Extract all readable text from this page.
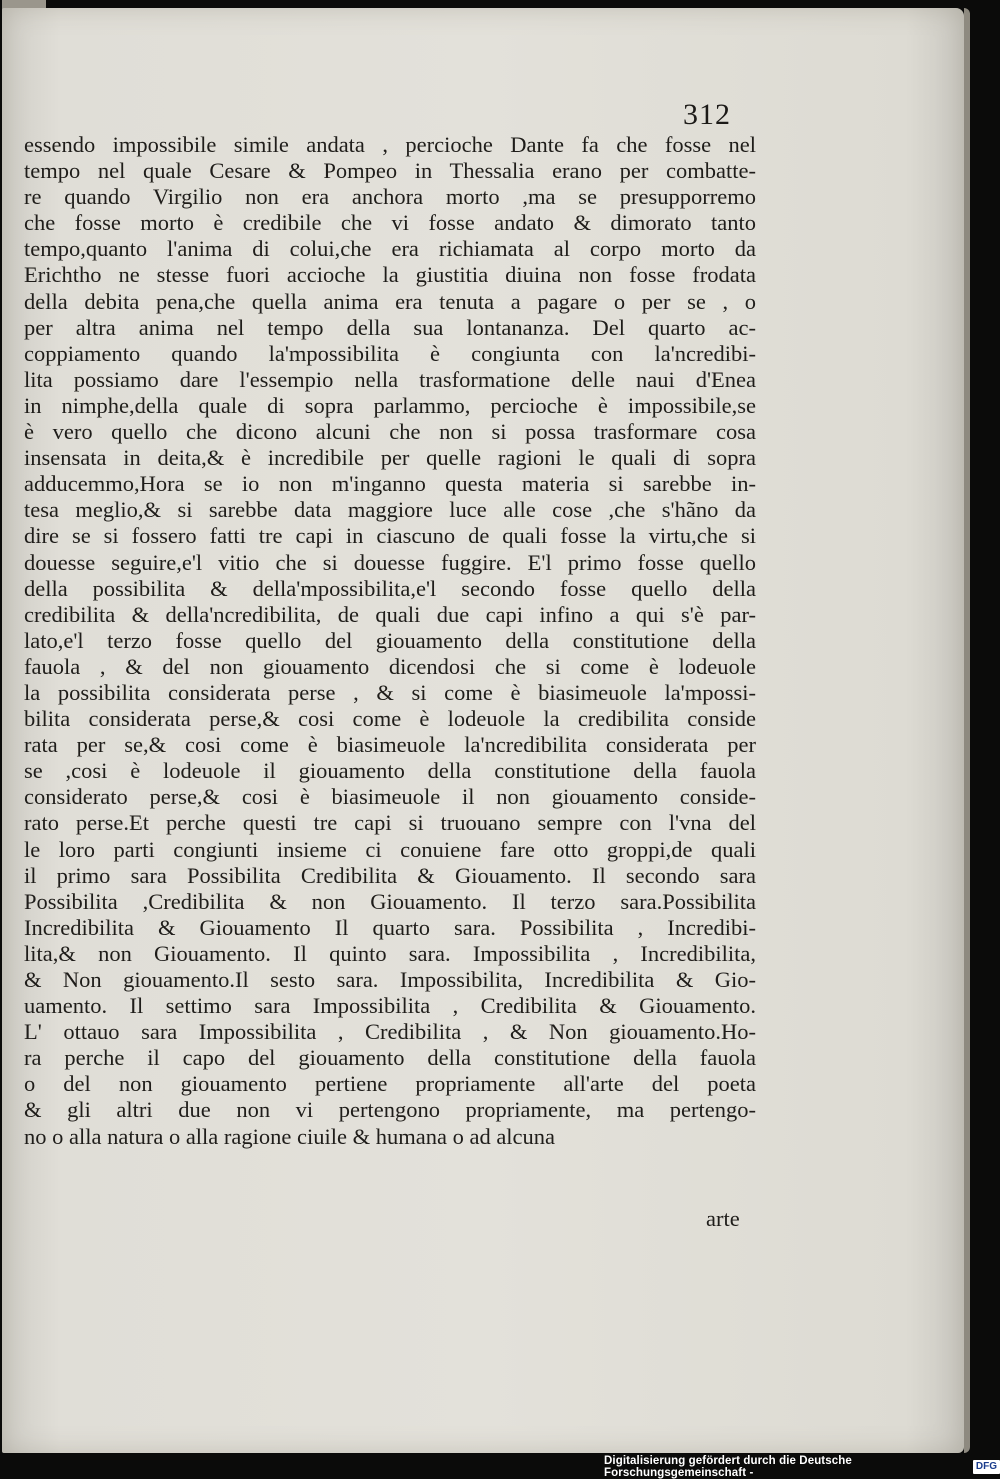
312
essendo impossibile simile andata , percioche Dante fa che fosse nel
tempo nel quale Cesare & Pompeo in Thessalia erano per combatte-
re quando Virgilio non era anchora morto ,ma se presupporremo
che fosse morto è credibile che vi fosse andato & dimorato tanto
tempo,quanto l'anima di colui,che era richiamata al corpo morto da
Erichtho ne stesse fuori accioche la giustitia diuina non fosse frodata
della debita pena,che quella anima era tenuta a pagare o per se , o
per altra anima nel tempo della sua lontananza. Del quarto ac-
coppiamento quando la'mpossibilita è congiunta con la'ncredibi-
lita possiamo dare l'essempio nella trasformatione delle naui d'Enea
in nimphe,della quale di sopra parlammo, percioche è impossibile,se
è vero quello che dicono alcuni che non si possa trasformare cosa
insensata in deita,& è incredibile per quelle ragioni le quali di sopra
adducemmo,Hora se io non m'inganno questa materia si sarebbe in-
tesa meglio,& si sarebbe data maggiore luce alle cose ,che s'hãno da
dire se si fossero fatti tre capi in ciascuno de quali fosse la virtu,che si
douesse seguire,e'l vitio che si douesse fuggire. E'l primo fosse quello
della possibilita & della'mpossibilita,e'l secondo fosse quello della
credibilita & della'ncredibilita, de quali due capi infino a qui s'è par-
lato,e'l terzo fosse quello del giouamento della constitutione della
fauola , & del non giouamento dicendosi che si come è lodeuole
la possibilita considerata perse , & si come è biasimeuole la'mpossi-
bilita considerata perse,& cosi come è lodeuole la credibilita conside
rata per se,& cosi come è biasimeuole la'ncredibilita considerata per
se ,cosi è lodeuole il giouamento della constitutione della fauola
considerato perse,& cosi è biasimeuole il non giouamento conside-
rato perse.Et perche questi tre capi si truouano sempre con l'vna del
le loro parti congiunti insieme ci conuiene fare otto groppi,de quali
il primo sara Possibilita Credibilita & Giouamento. Il secondo sara
Possibilita ,Credibilita & non Giouamento. Il terzo sara.Possibilita
Incredibilita & Giouamento Il quarto sara. Possibilita , Incredibi-
lita,& non Giouamento. Il quinto sara. Impossibilita , Incredibilita,
& Non giouamento.Il sesto sara. Impossibilita, Incredibilita & Gio-
uamento. Il settimo sara Impossibilita , Credibilita & Giouamento.
L' ottauo sara Impossibilita , Credibilita , & Non giouamento.Ho-
ra perche il capo del giouamento della constitutione della fauola
o del non giouamento pertiene propriamente all'arte del poeta
& gli altri due non vi pertengono propriamente, ma pertengo-
no o alla natura o alla ragione ciuile & humana o ad alcuna
arte
Digitalisierung gefördert durch die Deutsche Forschungsgemeinschaft -
DFG
